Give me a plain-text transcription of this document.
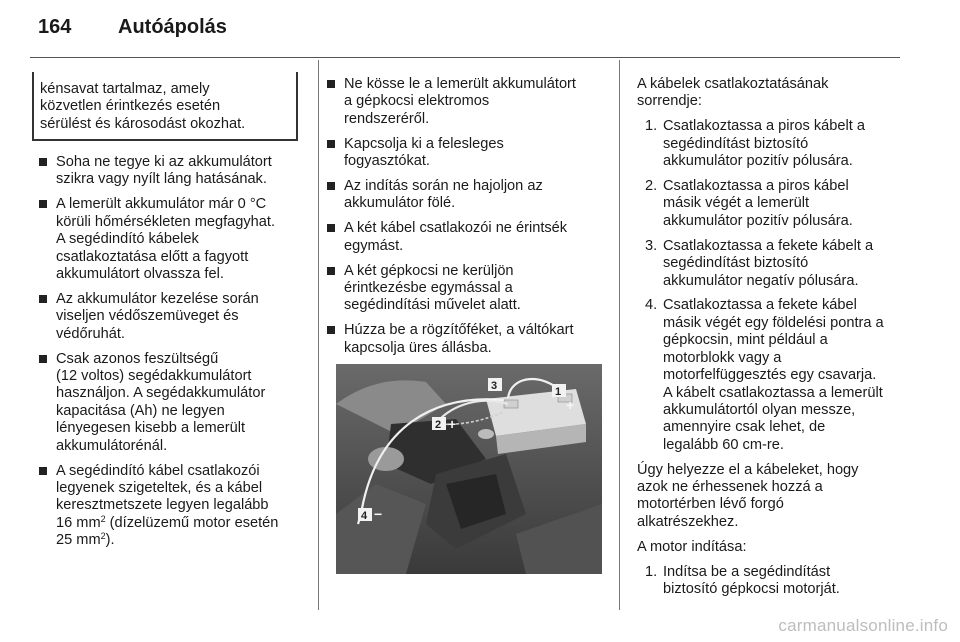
164	Autóápolás

kénsavat tartalmaz, amely
közvetlen érintkezés esetén
sérülést és károsodást okozhat.

Soha ne tegye ki az akkumulátort
szikra vagy nyílt láng hatásának.
A lemerült akkumulátor már 0 °C
körüli hőmérsékleten megfagyhat.
A segédindító kábelek
csatlakoztatása előtt a fagyott
akkumulátort olvassza fel.
Az akkumulátor kezelése során
viseljen védőszemüveget és
védőruhát.
Csak azonos feszültségű
(12 voltos) segédakkumulátort
használjon. A segédakkumulátor
kapacitása (Ah) ne legyen
lényegesen kisebb a lemerült
akkumulátorénál.
A segédindító kábel csatlakozói
legyenek szigeteltek, és a kábel
keresztmetszete legyen legalább
16 $mm^2$ (dízelüzemű motor esetén
25 $mm^2$).
Ne kösse le a lemerült akkumulátort
a gépkocsi elektromos
rendszeréről.
Kapcsolja ki a felesleges
fogyasztókat.
Az indítás során ne hajoljon az
akkumulátor fölé.
A két kábel csatlakozói ne érintsék
egymást.
A két gépkocsi ne kerüljön
érintkezésbe egymással a
segédindítási művelet alatt.
Húzza be a rögzítőféket, a váltókart
kapcsolja üres állásba.
1
+
2 +
3
−
4 −

A kábelek csatlakoztatásának
sorrendje:

1. Csatlakoztassa a piros kábelt a
segédindítást biztosító
akkumulátor pozitív pólusára.
2. Csatlakoztassa a piros kábel
másik végét a lemerült
akkumulátor pozitív pólusára.
3. Csatlakoztassa a fekete kábelt a
segédindítást biztosító
akkumulátor negatív pólusára.
4. Csatlakoztassa a fekete kábel
másik végét egy földelési pontra a
gépkocsin, mint például a
motorblokk vagy a
motorfelfüggesztés egy csavarja.
A kábelt csatlakoztassa a lemerült
akkumulátortól olyan messze,
amennyire csak lehet, de
legalább 60 cm-re.

Úgy helyezze el a kábeleket, hogy
azok ne érhessenek hozzá a
motortérben lévő forgó
alkatrészekhez.

A motor indítása:

1. Indítsa be a segédindítást
biztosító gépkocsi motorját.
carmanualsonline.info
